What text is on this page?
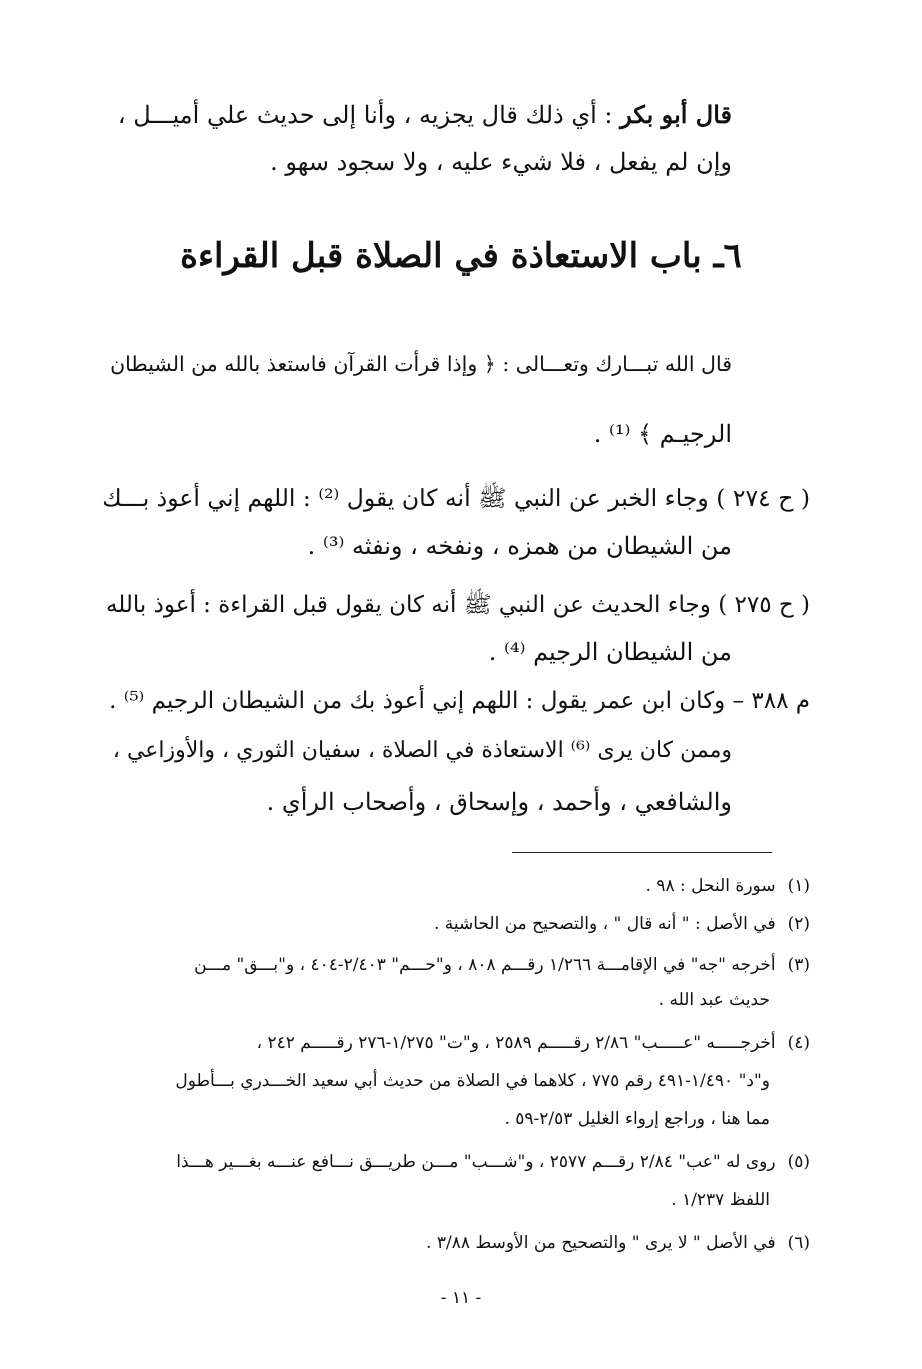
قال أبو بكر : أي ذلك قال يجزيه ، وأنا إلى حديث علي أميـــل ،
وإن لم يفعل ، فلا شيء عليه ، ولا سجود سهو .
٦ـ باب الاستعاذة في الصلاة قبل القراءة
قال الله تبـــارك وتعـــالى : ﴿ وإذا قرأت القرآن فاستعذ بالله من الشيطان
الرجيـم ﴾ ⁽¹⁾ .
( ح ٢٧٤ ) وجاء الخبر عن النبي ﷺ أنه كان يقول ⁽²⁾ : اللهم إني أعوذ بـــك
من الشيطان من همزه ، ونفخه ، ونفثه ⁽³⁾ .
( ح ٢٧٥ ) وجاء الحديث عن النبي ﷺ أنه كان يقول قبل القراءة : أعوذ بالله
من الشيطان الرجيم ⁽⁴⁾ .
م ٣٨٨ – وكان ابن عمر يقول : اللهم إني أعوذ بك من الشيطان الرجيم ⁽⁵⁾ .
وممن كان يرى ⁽⁶⁾ الاستعاذة في الصلاة ، سفيان الثوري ، والأوزاعي ،
والشافعي ، وأحمد ، وإسحاق ، وأصحاب الرأي .
(١)سورة النحل : ٩٨ .
(٢)في الأصل : " أنه قال " ، والتصحيح من الحاشية .
(٣)أخرجه "جه" في الإقامـــة ١/٢٦٦ رقـــم ٨٠٨ ، و"حـــم" ٢/٤٠٣-٤٠٤ ، و"بـــق" مـــن
حديث عبد الله .
(٤)أخرجـــــه "عـــــب" ٢/٨٦ رقـــــم ٢٥٨٩ ، و"ت" ١/٢٧٥-٢٧٦ رقـــــم ٢٤٢ ،
و"د" ١/٤٩٠-٤٩١ رقم ٧٧٥ ، كلاهما في الصلاة من حديث أبي سعيد الخـــدري بـــأطول
مما هنا ، وراجع إرواء الغليل ٢/٥٣-٥٩ .
(٥)روى له "عب" ٢/٨٤ رقـــم ٢٥٧٧ ، و"شـــب" مـــن طريـــق نـــافع عنـــه بغـــير هـــذا
اللفظ ١/٢٣٧ .
(٦)في الأصل " لا يرى " والتصحيح من الأوسط ٣/٨٨ .
- ١١ -
